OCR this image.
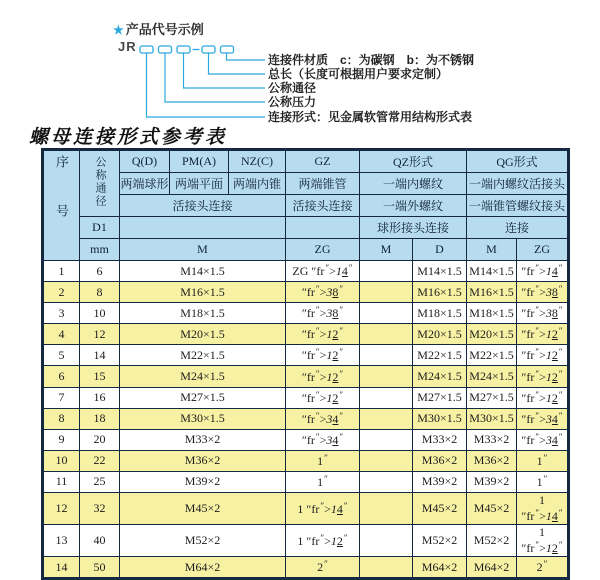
★ 产品代号示例
JR
连接件材质　c：为碳钢　b：为不锈钢
总长（长度可根据用户要求定制）
公称通径
公称压力
连接形式：见金属软管常用结构形式表
螺母连接形式参考表
序号	公称通径	Q(D)	PM(A)	NZ(C)	GZ	QZ形式		QG形式	
		两端球形	两端平面	两端内锥	两端锥管	一端内螺纹		一端内螺纹活接头	
		活接头连接			活接头连接	一端外螺纹		一端锥管螺纹接头	
	D1					球形接头连接		连接	
	mm	M			ZG	M	D	M	ZG
1	6	M14×1.5			ZG ″fr″>14″		M14×1.5	M14×1.5	″fr″>14″
2	8	M16×1.5			″fr″>38″		M16×1.5	M16×1.5	″fr″>38″
3	10	M18×1.5			″fr″>38″		M18×1.5	M18×1.5	″fr″>38″
4	12	M20×1.5			″fr″>12″		M20×1.5	M20×1.5	″fr″>12″
5	14	M22×1.5			″fr″>12″		M22×1.5	M22×1.5	″fr″>12″
6	15	M24×1.5			″fr″>12″		M24×1.5	M24×1.5	″fr″>12″
7	16	M27×1.5			″fr″>12″		M27×1.5	M27×1.5	″fr″>12″
8	18	M30×1.5			″fr″>34″		M30×1.5	M30×1.5	″fr″>34″
9	20	M33×2			″fr″>34″		M33×2	M33×2	″fr″>34″
10	22	M36×2			1″		M36×2	M36×2	1″
11	25	M39×2			1″		M39×2	M39×2	1″
12	32	M45×2			1 ″fr″>14″		M45×2	M45×2	1 ″fr″>14″
13	40	M52×2			1 ″fr″>12″		M52×2	M52×2	1 ″fr″>12″
14	50	M64×2			2″		M64×2	M64×2	2″
